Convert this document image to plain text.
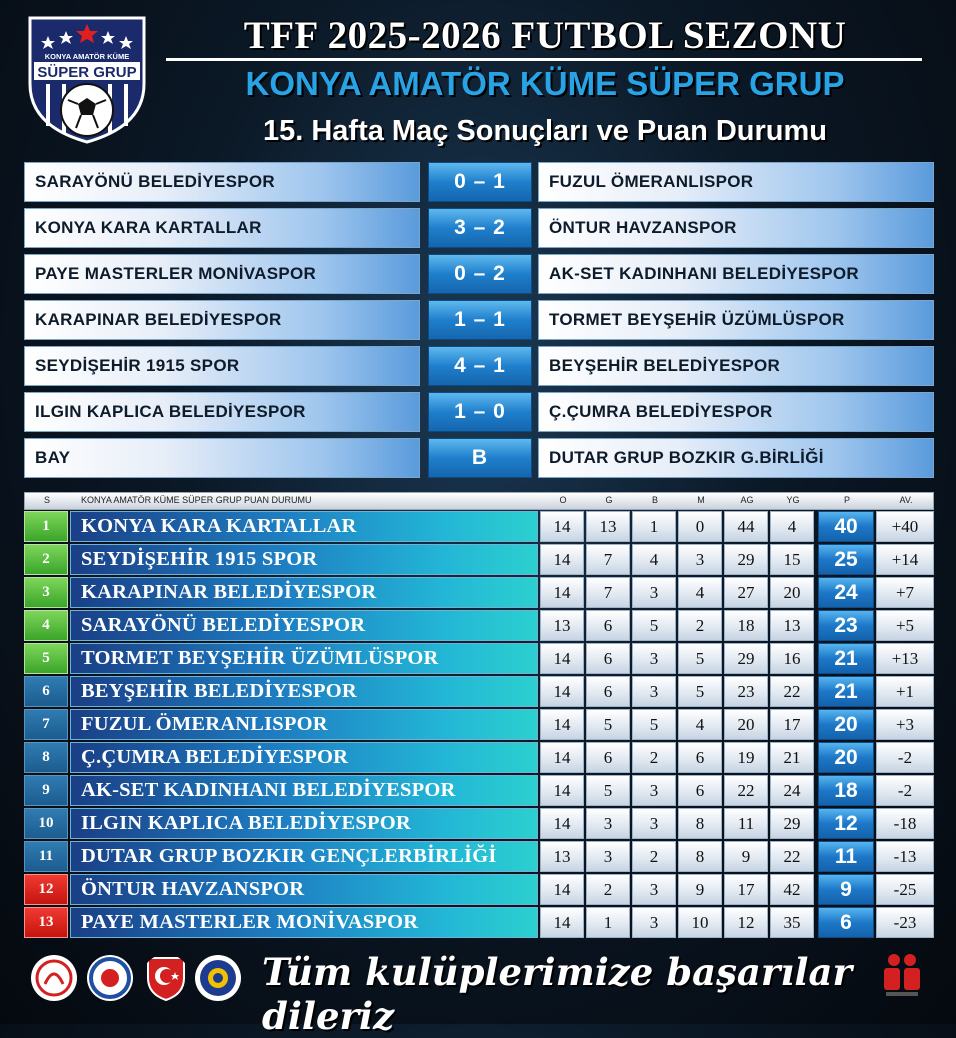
KONYA AMATÖR KÜME
SÜPER GRUP
TFF 2025-2026 FUTBOL SEZONU
KONYA AMATÖR KÜME SÜPER GRUP
15. Hafta Maç Sonuçları ve Puan Durumu
SARAYÖNÜ BELEDİYESPOR	0 – 1	FUZUL ÖMERANLISPOR
KONYA KARA KARTALLAR	3 – 2	ÖNTUR HAVZANSPOR
PAYE MASTERLER MONİVASPOR	0 – 2	AK-SET KADINHANI BELEDİYESPOR
KARAPINAR BELEDİYESPOR	1 – 1	TORMET BEYŞEHİR ÜZÜMLÜSPOR
SEYDİŞEHİR 1915 SPOR	4 – 1	BEYŞEHİR BELEDİYESPOR
ILGIN KAPLICA BELEDİYESPOR	1 – 0	Ç.ÇUMRA BELEDİYESPOR
BAY	B	DUTAR GRUP BOZKIR G.BİRLİĞİ
S	KONYA AMATÖR KÜME SÜPER GRUP PUAN DURUMU	O	G	B	M	AG	YG	P	AV.
1	KONYA KARA KARTALLAR	14	13	1	0	44	4	40	+40
2	SEYDİŞEHİR 1915 SPOR	14	7	4	3	29	15	25	+14
3	KARAPINAR BELEDİYESPOR	14	7	3	4	27	20	24	+7
4	SARAYÖNÜ BELEDİYESPOR	13	6	5	2	18	13	23	+5
5	TORMET BEYŞEHİR ÜZÜMLÜSPOR	14	6	3	5	29	16	21	+13
6	BEYŞEHİR BELEDİYESPOR	14	6	3	5	23	22	21	+1
7	FUZUL ÖMERANLISPOR	14	5	5	4	20	17	20	+3
8	Ç.ÇUMRA BELEDİYESPOR	14	6	2	6	19	21	20	-2
9	AK-SET KADINHANI BELEDİYESPOR	14	5	3	6	22	24	18	-2
10	ILGIN KAPLICA BELEDİYESPOR	14	3	3	8	11	29	12	-18
11	DUTAR GRUP BOZKIR GENÇLERBİRLİĞİ	13	3	2	8	9	22	11	-13
12	ÖNTUR HAVZANSPOR	14	2	3	9	17	42	9	-25
13	PAYE MASTERLER MONİVASPOR	14	1	3	10	12	35	6	-23
Tüm kulüplerimize başarılar dileriz
